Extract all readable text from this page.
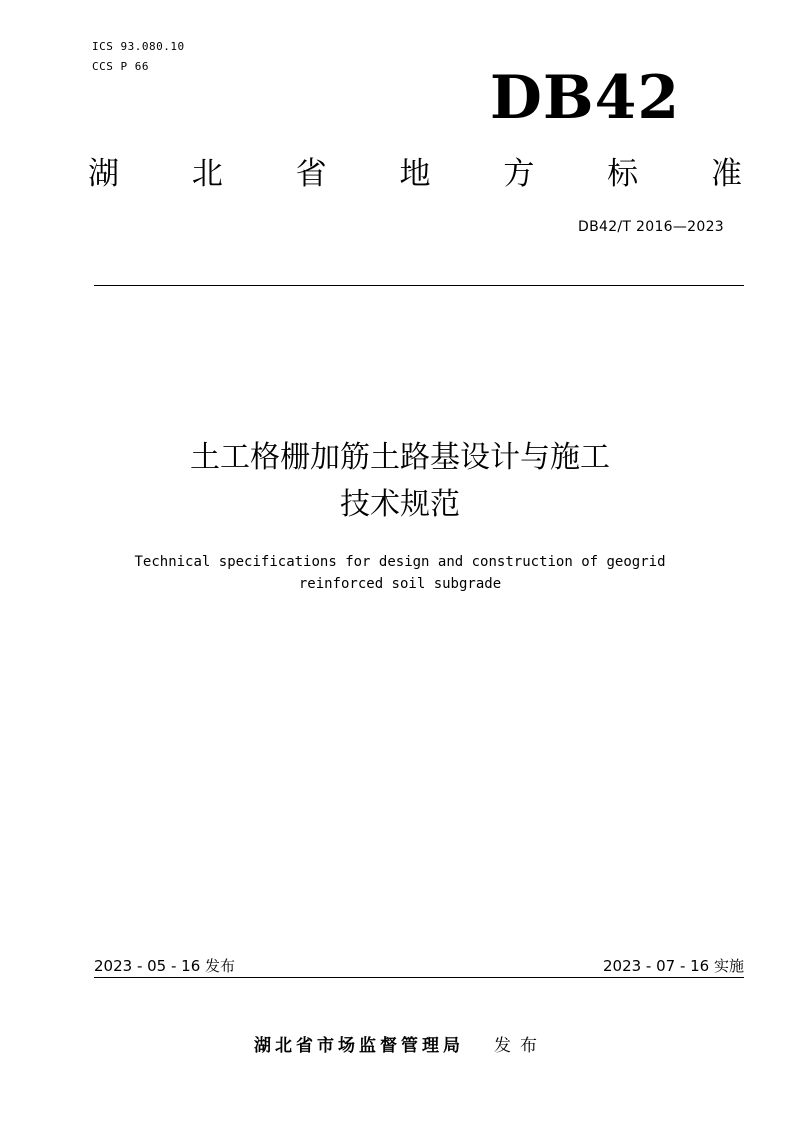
ICS 93.080.10
CCS P 66	DB42
湖 北 省 地 方 标 准
DB42/T 2016—2023
土工格栅加筋土路基设计与施工
技术规范
Technical specifications for design and construction of geogrid
reinforced soil subgrade
2023 - 05 - 16 发布	2023 - 07 - 16 实施
湖北省市场监督管理局 发布
